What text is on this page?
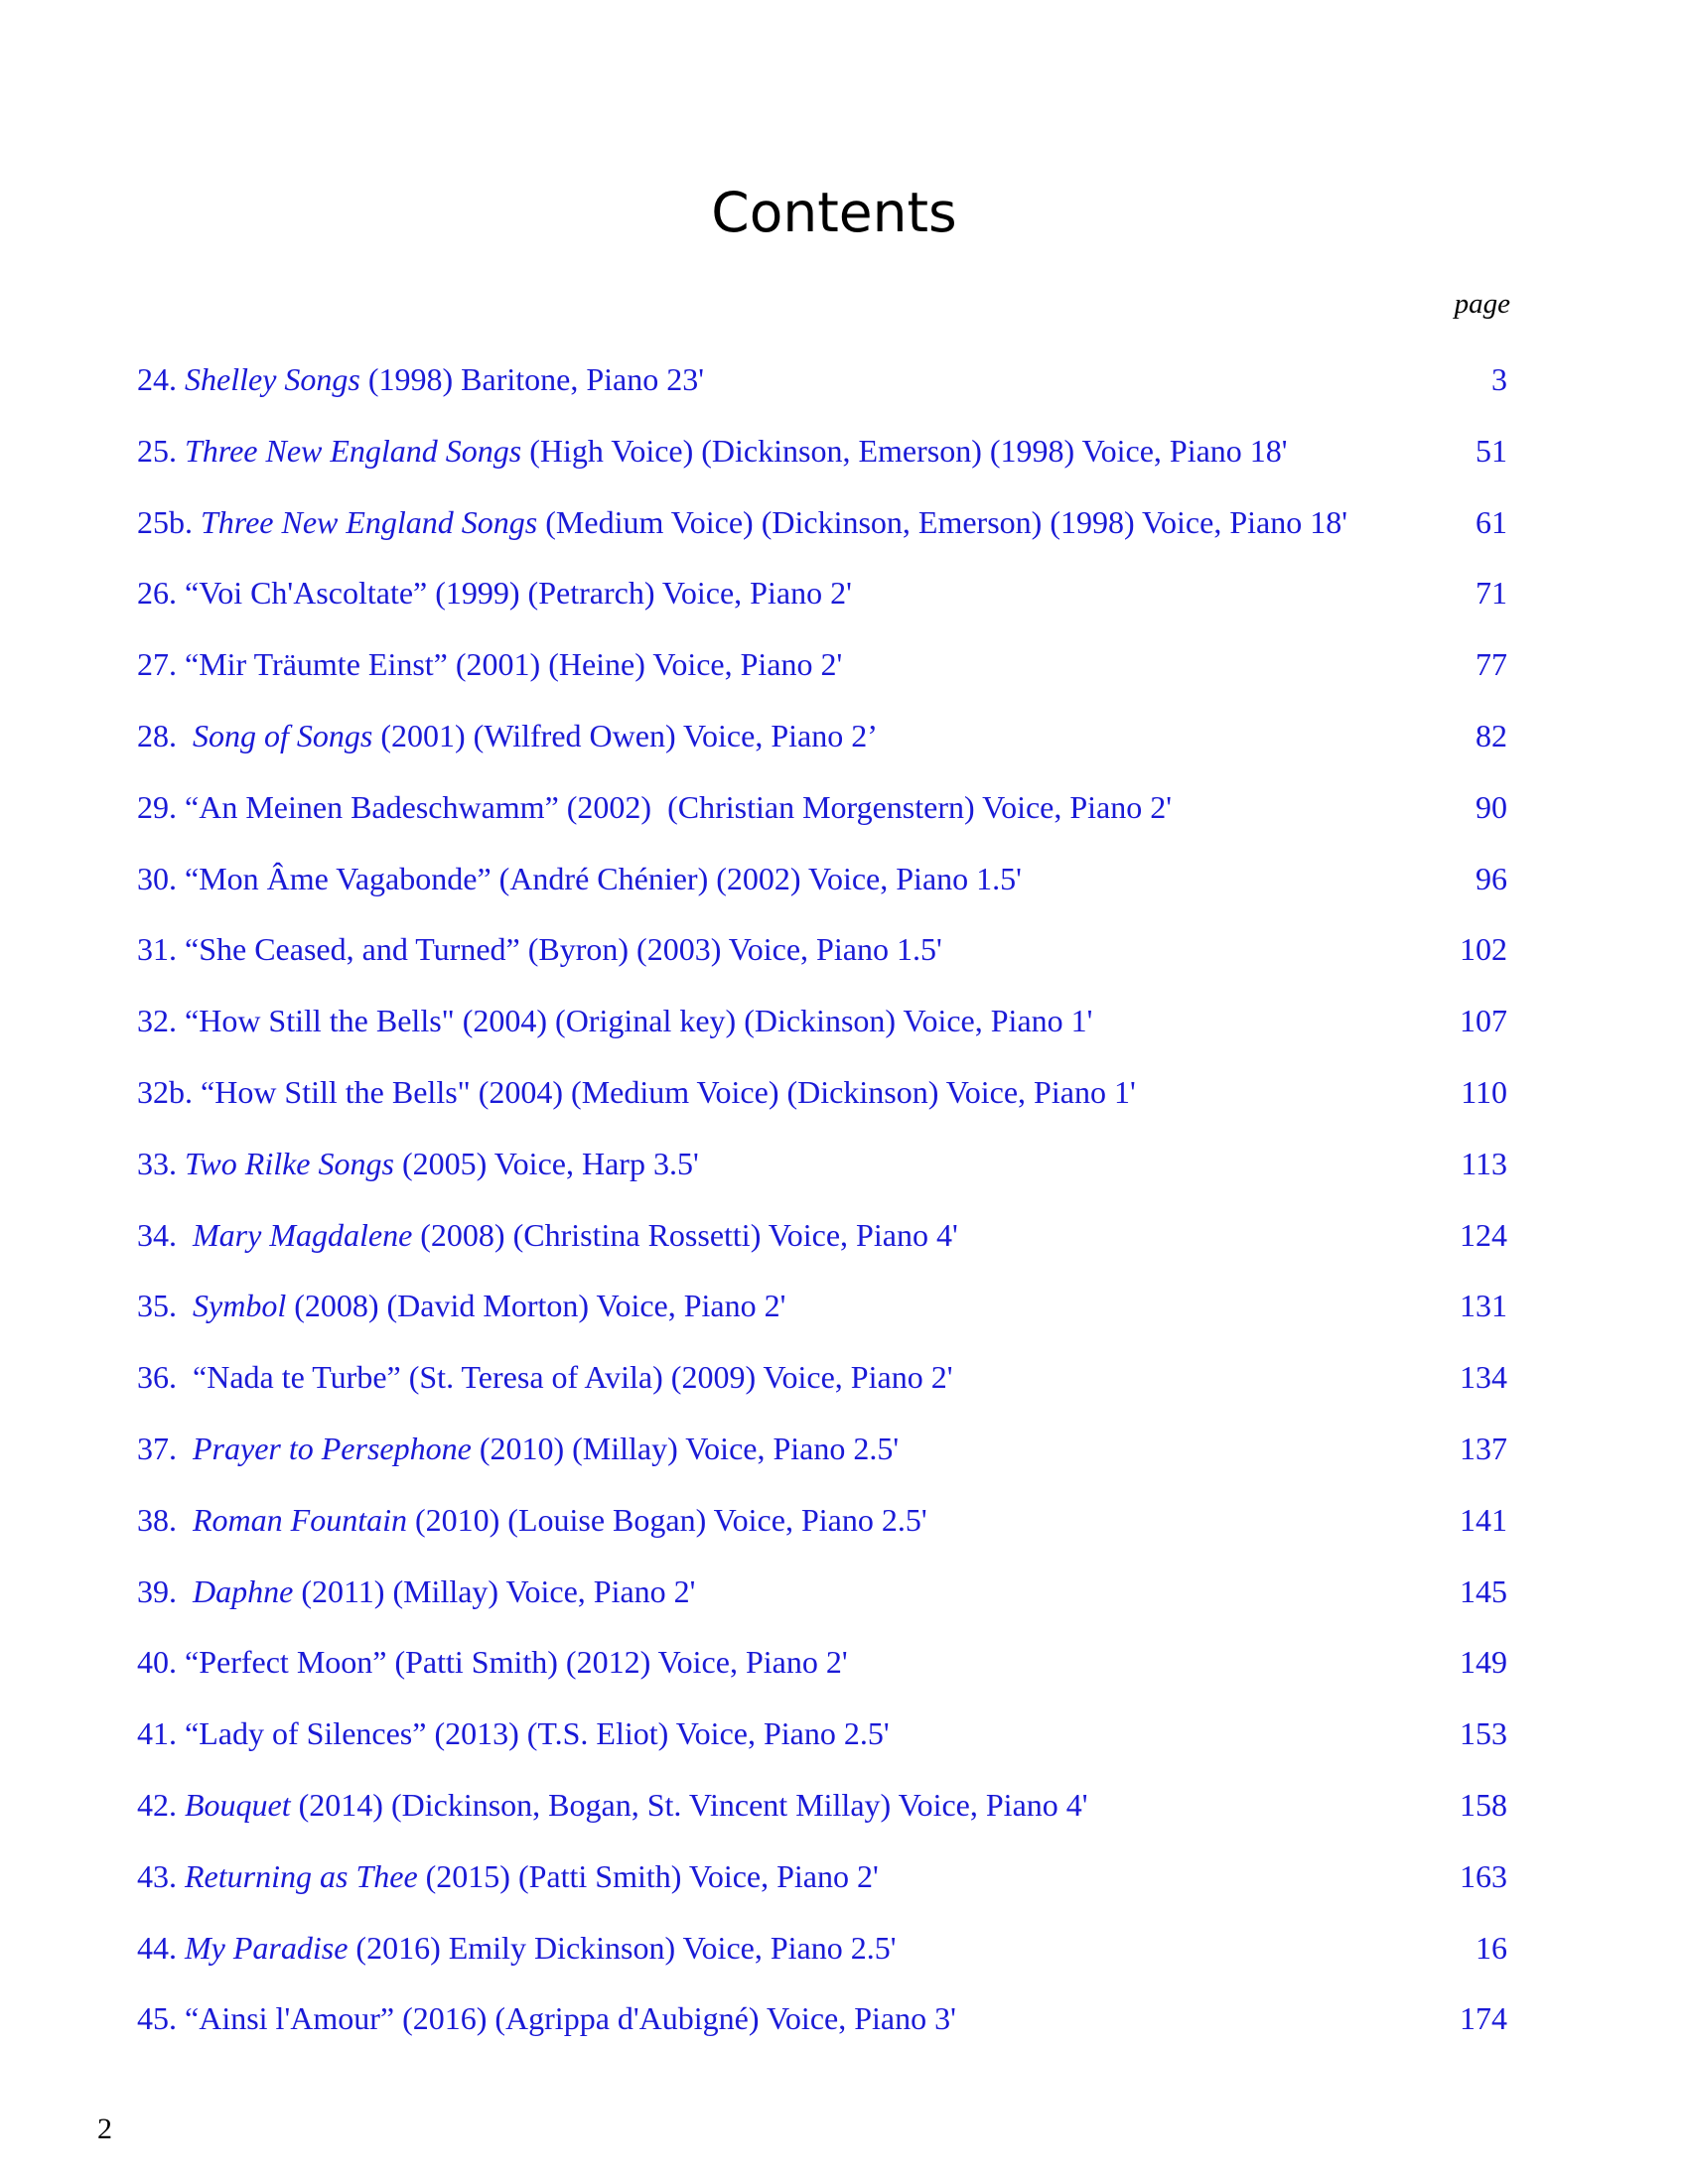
Contents
page
24. Shelley Songs (1998) Baritone, Piano 23'	3
25. Three New England Songs (High Voice) (Dickinson, Emerson) (1998) Voice, Piano 18'	51
25b. Three New England Songs (Medium Voice) (Dickinson, Emerson) (1998) Voice, Piano 18'	61
26. “Voi Ch'Ascoltate” (1999) (Petrarch) Voice, Piano 2'	71
27. “Mir Träumte Einst” (2001) (Heine) Voice, Piano 2'	77
28.  Song of Songs (2001) (Wilfred Owen) Voice, Piano 2’	82
29. “An Meinen Badeschwamm” (2002)  (Christian Morgenstern) Voice, Piano 2'	90
30. “Mon Âme Vagabonde” (André Chénier) (2002) Voice, Piano 1.5'	96
31. “She Ceased, and Turned” (Byron) (2003) Voice, Piano 1.5'	102
32. “How Still the Bells" (2004) (Original key) (Dickinson) Voice, Piano 1'	107
32b. “How Still the Bells" (2004) (Medium Voice) (Dickinson) Voice, Piano 1'	110
33. Two Rilke Songs (2005) Voice, Harp 3.5'	113
34.  Mary Magdalene (2008) (Christina Rossetti) Voice, Piano 4'	124
35.  Symbol (2008) (David Morton) Voice, Piano 2'	131
36.  “Nada te Turbe” (St. Teresa of Avila) (2009) Voice, Piano 2'	134
37.  Prayer to Persephone (2010) (Millay) Voice, Piano 2.5'	137
38.  Roman Fountain (2010) (Louise Bogan) Voice, Piano 2.5'	141
39.  Daphne (2011) (Millay) Voice, Piano 2'	145
40. “Perfect Moon” (Patti Smith) (2012) Voice, Piano 2'	149
41. “Lady of Silences” (2013) (T.S. Eliot) Voice, Piano 2.5'	153
42. Bouquet (2014) (Dickinson, Bogan, St. Vincent Millay) Voice, Piano 4'	158
43. Returning as Thee (2015) (Patti Smith) Voice, Piano 2'	163
44. My Paradise (2016) Emily Dickinson) Voice, Piano 2.5'	16
45. “Ainsi l'Amour” (2016) (Agrippa d'Aubigné) Voice, Piano 3'	174
2
